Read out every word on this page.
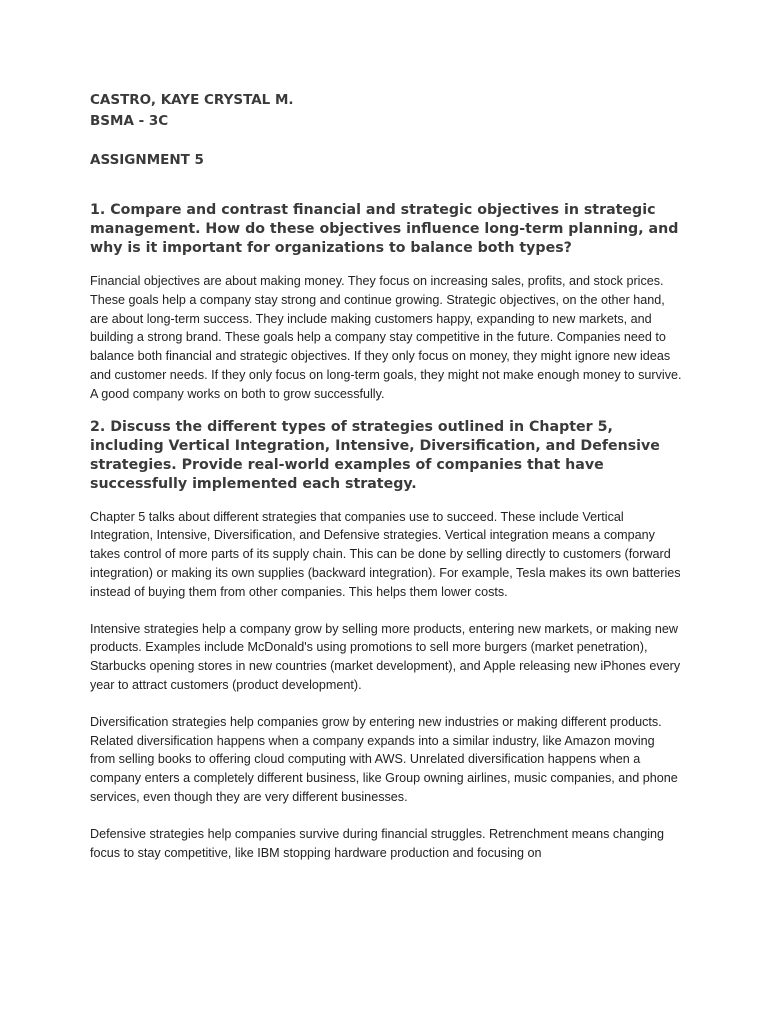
CASTRO, KAYE CRYSTAL M.

BSMA - 3C

ASSIGNMENT 5

1. Compare and contrast financial and strategic objectives in strategic management. How do these objectives influence long-term planning, and why is it important for organizations to balance both types?

Financial objectives are about making money. They focus on increasing sales, profits, and stock prices. These goals help a company stay strong and continue growing. Strategic objectives, on the other hand, are about long-term success. They include making customers happy, expanding to new markets, and building a strong brand. These goals help a company stay competitive in the future. Companies need to balance both financial and strategic objectives. If they only focus on money, they might ignore new ideas and customer needs. If they only focus on long-term goals, they might not make enough money to survive. A good company works on both to grow successfully.

2. Discuss the different types of strategies outlined in Chapter 5, including Vertical Integration, Intensive, Diversification, and Defensive strategies. Provide real-world examples of companies that have successfully implemented each strategy.

Chapter 5 talks about different strategies that companies use to succeed. These include Vertical Integration, Intensive, Diversification, and Defensive strategies. Vertical integration means a company takes control of more parts of its supply chain. This can be done by selling directly to customers (forward integration) or making its own supplies (backward integration). For example, Tesla makes its own batteries instead of buying them from other companies. This helps them lower costs.

Intensive strategies help a company grow by selling more products, entering new markets, or making new products. Examples include McDonald's using promotions to sell more burgers (market penetration), Starbucks opening stores in new countries (market development), and Apple releasing new iPhones every year to attract customers (product development).

Diversification strategies help companies grow by entering new industries or making different products. Related diversification happens when a company expands into a similar industry, like Amazon moving from selling books to offering cloud computing with AWS. Unrelated diversification happens when a company enters a completely different business, like Group owning airlines, music companies, and phone services, even though they are very different businesses.

Defensive strategies help companies survive during financial struggles. Retrenchment means changing focus to stay competitive, like IBM stopping hardware production and focusing on
